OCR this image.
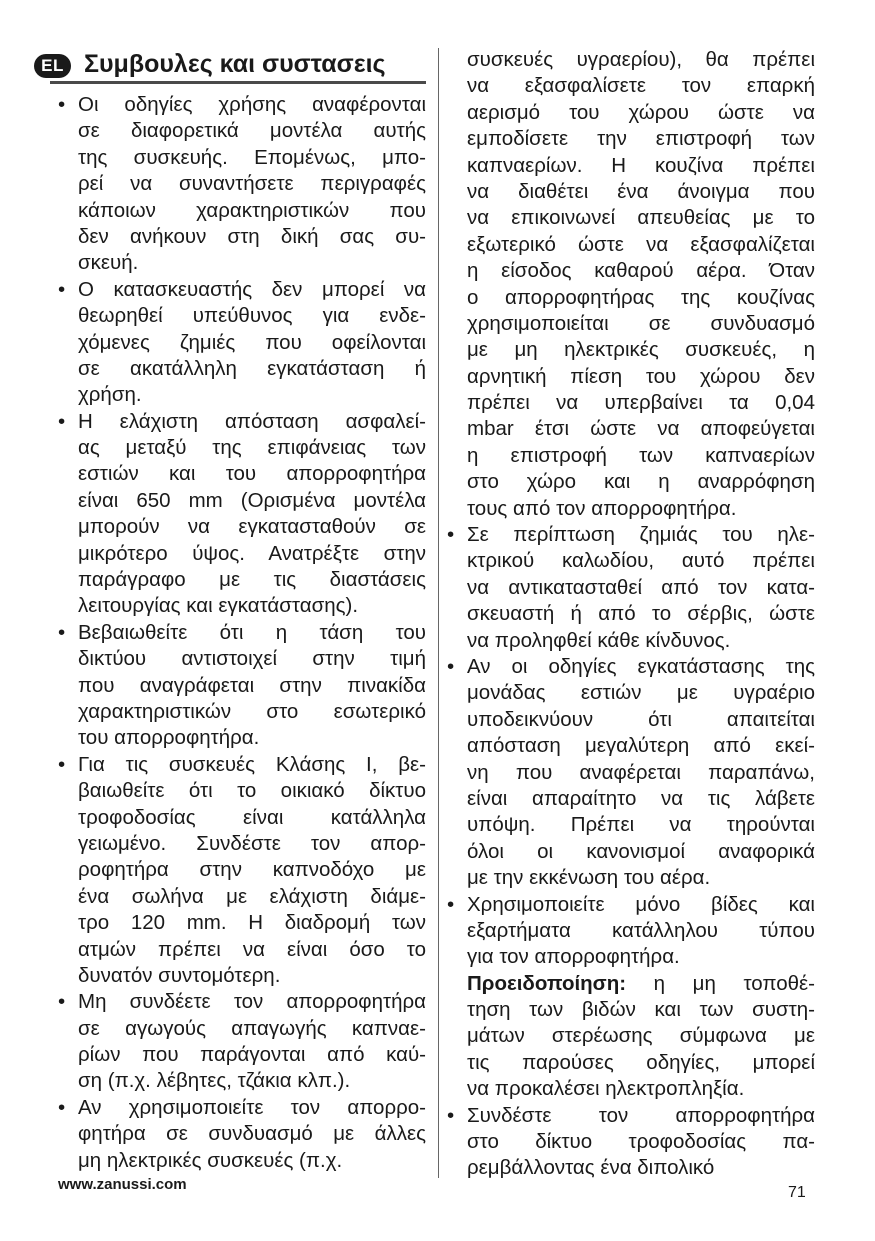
EL Συμβουλες και συστασεις
• Οι οδηγίες χρήσης αναφέρονται
σε διαφορετικά μοντέλα αυτής
της συσκευής. Επομένως, μπο-
ρεί να συναντήσετε περιγραφές
κάποιων χαρακτηριστικών που
δεν ανήκουν στη δική σας συ-
σκευή.
• Ο κατασκευαστής δεν μπορεί να
θεωρηθεί υπεύθυνος για ενδε-
χόμενες ζημιές που οφείλονται
σε ακατάλληλη εγκατάσταση ή
χρήση.
• Η ελάχιστη απόσταση ασφαλεί-
ας μεταξύ της επιφάνειας των
εστιών και του απορροφητήρα
είναι 650 mm (Ορισμένα μοντέλα
μπορούν να εγκατασταθούν σε
μικρότερο ύψος. Ανατρέξτε στην
παράγραφο με τις διαστάσεις
λειτουργίας και εγκατάστασης).
• Βεβαιωθείτε ότι η τάση του
δικτύου αντιστοιχεί στην τιμή
που αναγράφεται στην πινακίδα
χαρακτηριστικών στο εσωτερικό
του απορροφητήρα.
• Για τις συσκευές Κλάσης I, βε-
βαιωθείτε ότι το οικιακό δίκτυο
τροφοδοσίας είναι κατάλληλα
γειωμένο. Συνδέστε τον απορ-
ροφητήρα στην καπνοδόχο με
ένα σωλήνα με ελάχιστη διάμε-
τρο 120 mm. Η διαδρομή των
ατμών πρέπει να είναι όσο το
δυνατόν συντομότερη.
• Μη συνδέετε τον απορροφητήρα
σε αγωγούς απαγωγής καπναε-
ρίων που παράγονται από καύ-
ση (π.χ. λέβητες, τζάκια κλπ.).
• Αν χρησιμοποιείτε τον απορρο-
φητήρα σε συνδυασμό με άλλες
μη ηλεκτρικές συσκευές (π.χ.
συσκευές υγραερίου), θα πρέπει
να εξασφαλίσετε τον επαρκή
αερισμό του χώρου ώστε να
εμποδίσετε την επιστροφή των
καπναερίων. Η κουζίνα πρέπει
να διαθέτει ένα άνοιγμα που
να επικοινωνεί απευθείας με το
εξωτερικό ώστε να εξασφαλίζεται
η είσοδος καθαρού αέρα. Όταν
ο απορροφητήρας της κουζίνας
χρησιμοποιείται σε συνδυασμό
με μη ηλεκτρικές συσκευές, η
αρνητική πίεση του χώρου δεν
πρέπει να υπερβαίνει τα 0,04
mbar έτσι ώστε να αποφεύγεται
η επιστροφή των καπναερίων
στο χώρο και η αναρρόφηση
τους από τον απορροφητήρα.
• Σε περίπτωση ζημιάς του ηλε-
κτρικού καλωδίου, αυτό πρέπει
να αντικατασταθεί από τον κατα-
σκευαστή ή από το σέρβις, ώστε
να προληφθεί κάθε κίνδυνος.
• Αν οι οδηγίες εγκατάστασης της
μονάδας εστιών με υγραέριο
υποδεικνύουν ότι απαιτείται
απόσταση μεγαλύτερη από εκεί-
νη που αναφέρεται παραπάνω,
είναι απαραίτητο να τις λάβετε
υπόψη. Πρέπει να τηρούνται
όλοι οι κανονισμοί αναφορικά
με την εκκένωση του αέρα.
• Χρησιμοποιείτε μόνο βίδες και
εξαρτήματα κατάλληλου τύπου
για τον απορροφητήρα.
Προειδοποίηση: η μη τοποθέ-
τηση των βιδών και των συστη-
μάτων στερέωσης σύμφωνα με
τις παρούσες οδηγίες, μπορεί
να προκαλέσει ηλεκτροπληξία.
• Συνδέστε τον απορροφητήρα
στο δίκτυο τροφοδοσίας πα-
ρεμβάλλοντας ένα διπολικό
www.zanussi.com	71
